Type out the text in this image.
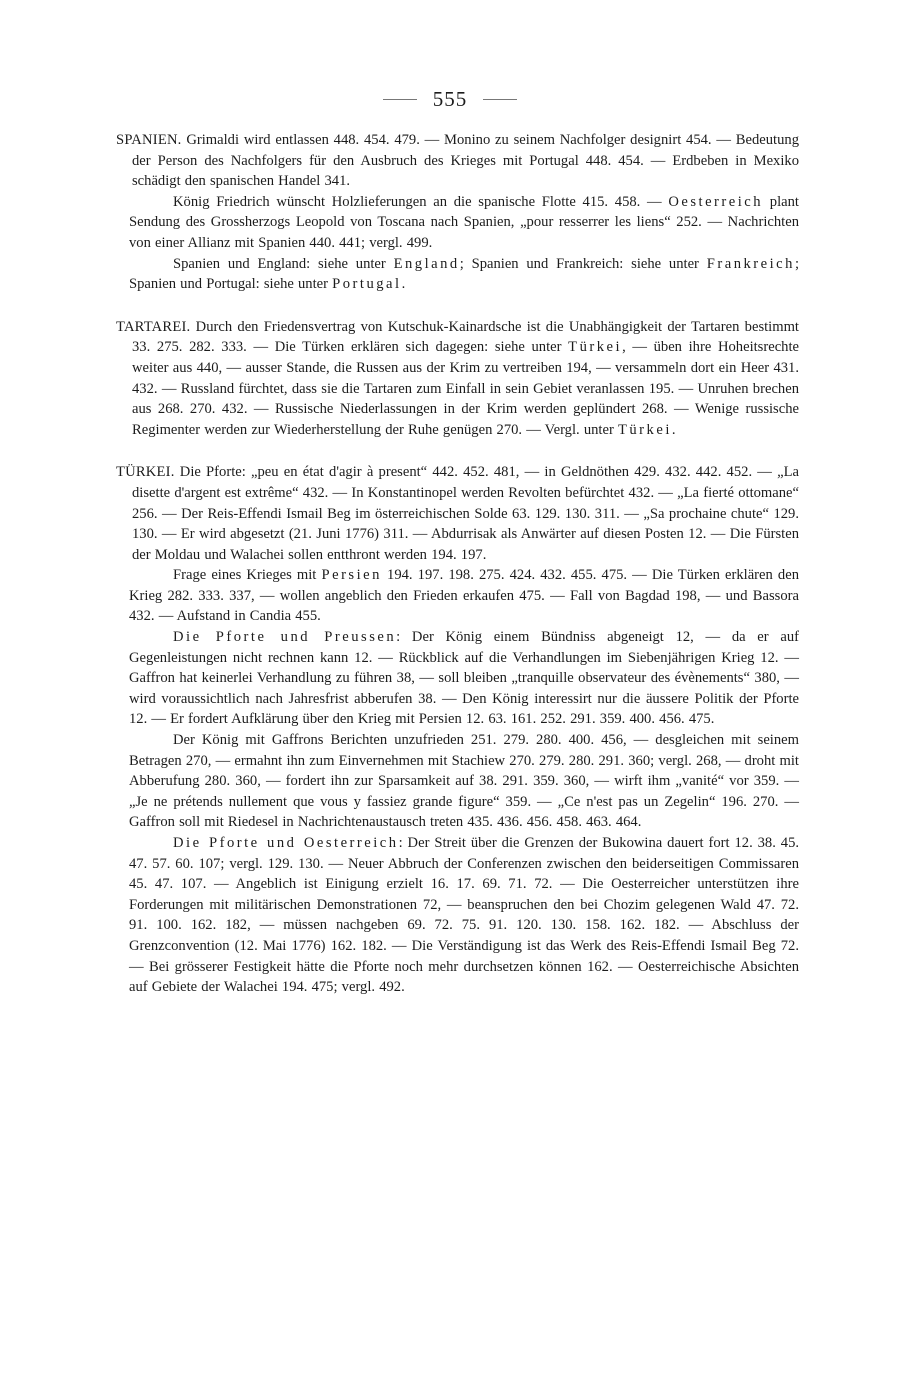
555

SPANIEN. Grimaldi wird entlassen 448. 454. 479. — Monino zu seinem Nachfolger designirt 454. — Bedeutung der Person des Nachfolgers für den Ausbruch des Krieges mit Portugal 448. 454. — Erdbeben in Mexiko schädigt den spanischen Handel 341.

König Friedrich wünscht Holzlieferungen an die spanische Flotte 415. 458. — Oesterreich plant Sendung des Grossherzogs Leopold von Toscana nach Spanien, „pour resserrer les liens“ 252. — Nachrichten von einer Allianz mit Spanien 440. 441; vergl. 499.

Spanien und England: siehe unter England; Spanien und Frankreich: siehe unter Frankreich; Spanien und Portugal: siehe unter Portugal.

TARTAREI. Durch den Friedensvertrag von Kutschuk-Kainardsche ist die Unabhängigkeit der Tartaren bestimmt 33. 275. 282. 333. — Die Türken erklären sich dagegen: siehe unter Türkei, — üben ihre Hoheitsrechte weiter aus 440, — ausser Stande, die Russen aus der Krim zu vertreiben 194, — versammeln dort ein Heer 431. 432. — Russland fürchtet, dass sie die Tartaren zum Einfall in sein Gebiet veranlassen 195. — Unruhen brechen aus 268. 270. 432. — Russische Niederlassungen in der Krim werden geplündert 268. — Wenige russische Regimenter werden zur Wiederherstellung der Ruhe genügen 270. — Vergl. unter Türkei.

TÜRKEI. Die Pforte: „peu en état d'agir à present“ 442. 452. 481, — in Geldnöthen 429. 432. 442. 452. — „La disette d'argent est extrême“ 432. — In Konstantinopel werden Revolten befürchtet 432. — „La fierté ottomane“ 256. — Der Reis-Effendi Ismail Beg im österreichischen Solde 63. 129. 130. 311. — „Sa prochaine chute“ 129. 130. — Er wird abgesetzt (21. Juni 1776) 311. — Abdurrisak als Anwärter auf diesen Posten 12. — Die Fürsten der Moldau und Walachei sollen entthront werden 194. 197.

Frage eines Krieges mit Persien 194. 197. 198. 275. 424. 432. 455. 475. — Die Türken erklären den Krieg 282. 333. 337, — wollen angeblich den Frieden erkaufen 475. — Fall von Bagdad 198, — und Bassora 432. — Aufstand in Candia 455.

Die Pforte und Preussen: Der König einem Bündniss abgeneigt 12, — da er auf Gegenleistungen nicht rechnen kann 12. — Rückblick auf die Verhandlungen im Siebenjährigen Krieg 12. — Gaffron hat keinerlei Verhandlung zu führen 38, — soll bleiben „tranquille observateur des évènements“ 380, — wird voraussichtlich nach Jahresfrist abberufen 38. — Den König interessirt nur die äussere Politik der Pforte 12. — Er fordert Aufklärung über den Krieg mit Persien 12. 63. 161. 252. 291. 359. 400. 456. 475.

Der König mit Gaffrons Berichten unzufrieden 251. 279. 280. 400. 456, — desgleichen mit seinem Betragen 270, — ermahnt ihn zum Einvernehmen mit Stachiew 270. 279. 280. 291. 360; vergl. 268, — droht mit Abberufung 280. 360, — fordert ihn zur Sparsamkeit auf 38. 291. 359. 360, — wirft ihm „vanité“ vor 359. — „Je ne prétends nullement que vous y fassiez grande figure“ 359. — „Ce n'est pas un Zegelin“ 196. 270. — Gaffron soll mit Riedesel in Nachrichtenaustausch treten 435. 436. 456. 458. 463. 464.

Die Pforte und Oesterreich: Der Streit über die Grenzen der Bukowina dauert fort 12. 38. 45. 47. 57. 60. 107; vergl. 129. 130. — Neuer Abbruch der Conferenzen zwischen den beiderseitigen Commissaren 45. 47. 107. — Angeblich ist Einigung erzielt 16. 17. 69. 71. 72. — Die Oesterreicher unterstützen ihre Forderungen mit militärischen Demonstrationen 72, — beanspruchen den bei Chozim gelegenen Wald 47. 72. 91. 100. 162. 182, — müssen nachgeben 69. 72. 75. 91. 120. 130. 158. 162. 182. — Abschluss der Grenzconvention (12. Mai 1776) 162. 182. — Die Verständigung ist das Werk des Reis-Effendi Ismail Beg 72. — Bei grösserer Festigkeit hätte die Pforte noch mehr durchsetzen können 162. — Oesterreichische Absichten auf Gebiete der Walachei 194. 475; vergl. 492.
